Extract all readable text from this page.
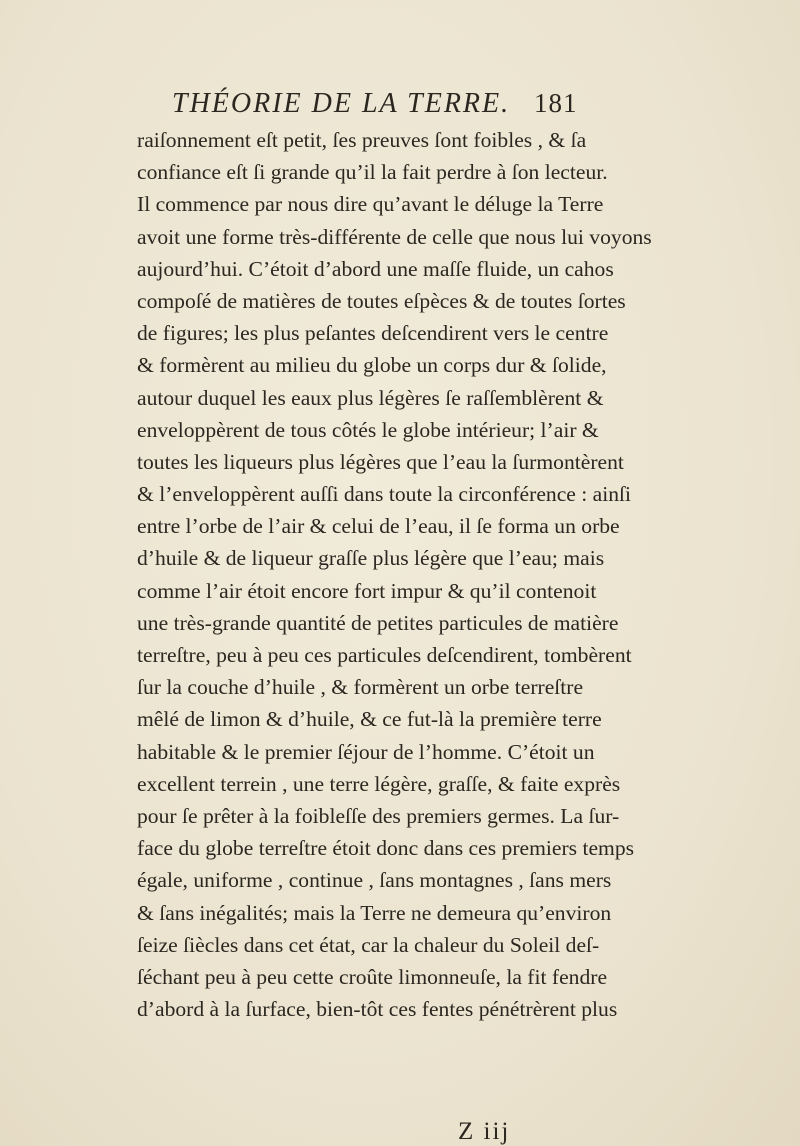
THÉORIE DE LA TERRE. 181
raiſonnement eſt petit, ſes preuves ſont foibles , & ſa
confiance eſt ſi grande qu’il la fait perdre à ſon lecteur.
Il commence par nous dire qu’avant le déluge la Terre
avoit une forme très-différente de celle que nous lui voyons
aujourd’hui. C’étoit d’abord une maſſe fluide, un cahos
compoſé de matières de toutes eſpèces & de toutes ſortes
de figures; les plus peſantes deſcendirent vers le centre
& formèrent au milieu du globe un corps dur & ſolide,
autour duquel les eaux plus légères ſe raſſemblèrent &
enveloppèrent de tous côtés le globe intérieur; l’air &
toutes les liqueurs plus légères que l’eau la ſurmontèrent
& l’enveloppèrent auſſi dans toute la circonférence : ainſi
entre l’orbe de l’air & celui de l’eau, il ſe forma un orbe
d’huile & de liqueur graſſe plus légère que l’eau; mais
comme l’air étoit encore fort impur & qu’il contenoit
une très-grande quantité de petites particules de matière
terreſtre, peu à peu ces particules deſcendirent, tombèrent
ſur la couche d’huile , & formèrent un orbe terreſtre
mêlé de limon & d’huile, & ce fut-là la première terre
habitable & le premier ſéjour de l’homme. C’étoit un
excellent terrein , une terre légère, graſſe, & faite exprès
pour ſe prêter à la foibleſſe des premiers germes. La ſur-
face du globe terreſtre étoit donc dans ces premiers temps
égale, uniforme , continue , ſans montagnes , ſans mers
& ſans inégalités; mais la Terre ne demeura qu’environ
ſeize ſiècles dans cet état, car la chaleur du Soleil deſ-
ſéchant peu à peu cette croûte limonneuſe, la fit fendre
d’abord à la ſurface, bien-tôt ces fentes pénétrèrent plus
Z iij
